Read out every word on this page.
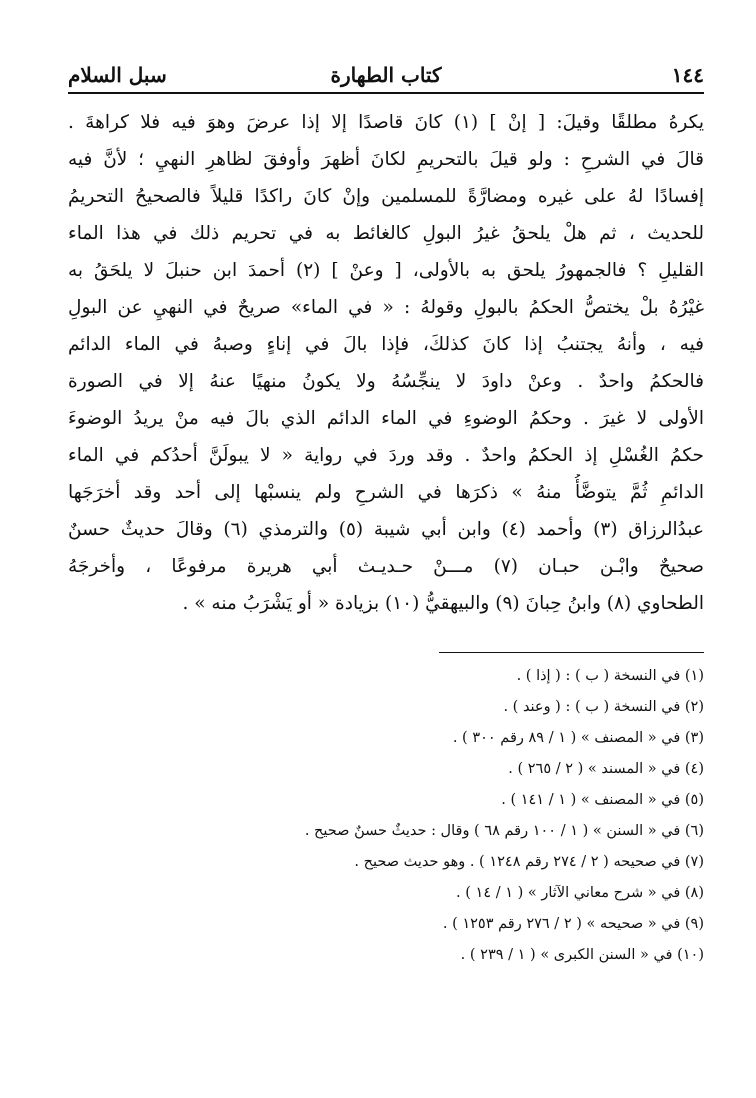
١٤٤
كتاب الطهارة
سبل السلام
يكرهُ مطلقًا وقيلَ: [ إنْ ] (١) كانَ قاصدًا إلا إذا عرضَ وهوَ فيه فلا كراهةَ .
قالَ في الشرحِ : ولو قيلَ بالتحريمِ لكانَ أظهرَ وأوفقَ لظاهرِ النهيِ ؛ لأنَّ فيه
إفسادًا لهُ على غيره ومضارَّةً للمسلمين وإنْ كانَ راكدًا قليلاً فالصحيحُ التحريمُ
للحديث ، ثم هلْ يلحقُ غيرُ البولِ كالغائط به في تحريم ذلك في هذا الماء
القليلِ ؟ فالجمهورُ يلحق به بالأولى، [ وعنْ ] (٢) أحمدَ ابن حنبلَ لا يلحَقُ به
غيْرُهُ بلْ يختصُّ الحكمُ بالبولِ وقولهُ : « في الماء» صريحٌ في النهيِ عن البولِ
فيه ، وأنهُ يجتنبُ إذا كانَ كذلكَ، فإذا بالَ في إناءٍ وصبهُ في الماء الدائم
فالحكمُ واحدٌ . وعنْ داودَ لا ينجِّسُهُ ولا يكونُ منهيًا عنهُ إلا في الصورة
الأولى لا غيرَ . وحكمُ الوضوءِ في الماء الدائم الذي بالَ فيه منْ يريدُ الوضوءَ
حكمُ الغُسْلِ إذ الحكمُ واحدٌ . وقد وردَ في رواية « لا يبولَنَّ أحدُكم في الماء
الدائمِ ثُمَّ يتوضَّأُ منهُ » ذكرَها في الشرحِ ولم ينسبْها إلى أحد وقد أخرَجَها
عبدُالرزاق (٣) وأحمد (٤) وابن أبي شيبة (٥) والترمذي (٦) وقالَ حديثٌ حسنٌ
صحيحٌ وابْـن حبـان (٧) مـــنْ حـديـث أبي هريرة مرفوعًا ، وأخرجَهُ
الطحاوي (٨) وابنُ حِبانَ (٩) والبيهقيُّ (١٠) بزيادة « أو يَشْرَبُ منه » .
(١) في النسخة ( ب ) : ( إذا ) .
(٢) في النسخة ( ب ) : ( وعند ) .
(٣) في « المصنف » ( ١ / ٨٩ رقم ٣٠٠ ) .
(٤) في « المسند » ( ٢ / ٢٦٥ ) .
(٥) في « المصنف » ( ١ / ١٤١ ) .
(٦) في « السنن » ( ١ / ١٠٠ رقم ٦٨ ) وقال : حديثٌ حسنٌ صحيح .
(٧) في صحيحه ( ٢ / ٢٧٤ رقم ١٢٤٨ ) . وهو حديث صحيح .
(٨) في « شرح معاني الآثار » ( ١ / ١٤ ) .
(٩) في « صحيحه » ( ٢ / ٢٧٦ رقم ١٢٥٣ ) .
(١٠) في « السنن الكبرى » ( ١ / ٢٣٩ ) .
